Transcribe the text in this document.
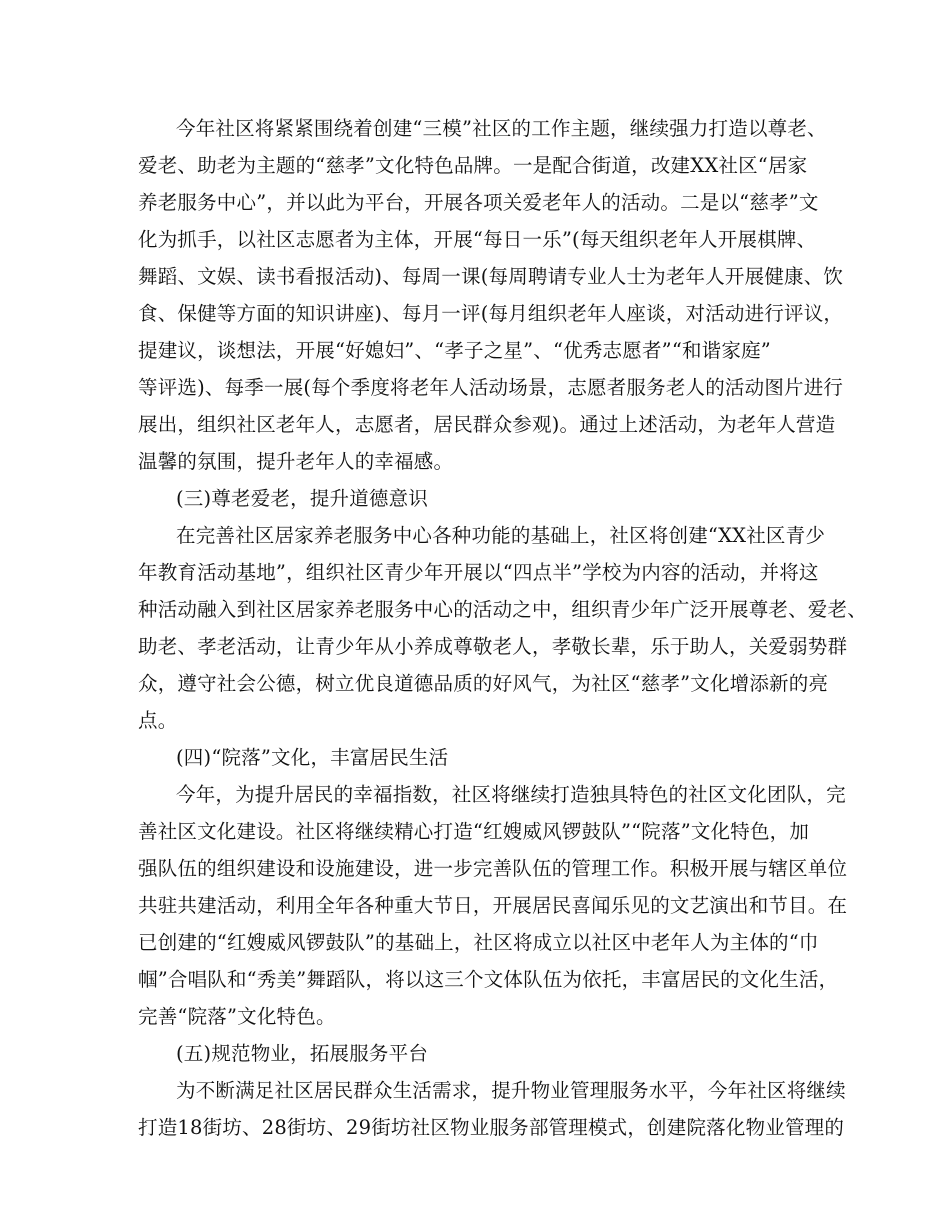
今年社区将紧紧围绕着创建“三模”社区的工作主题，继续强力打造以尊老、
爱老、助老为主题的“慈孝”文化特色品牌。一是配合街道，改建XX社区“居家
养老服务中心”，并以此为平台，开展各项关爱老年人的活动。二是以“慈孝”文
化为抓手，以社区志愿者为主体，开展“每日一乐”(每天组织老年人开展棋牌、
舞蹈、文娱、读书看报活动)、每周一课(每周聘请专业人士为老年人开展健康、饮
食、保健等方面的知识讲座)、每月一评(每月组织老年人座谈，对活动进行评议，
提建议，谈想法，开展“好媳妇”、“孝子之星”、“优秀志愿者”“和谐家庭”
等评选)、每季一展(每个季度将老年人活动场景，志愿者服务老人的活动图片进行
展出，组织社区老年人，志愿者，居民群众参观)。通过上述活动，为老年人营造
温馨的氛围，提升老年人的幸福感。
(三)尊老爱老，提升道德意识
在完善社区居家养老服务中心各种功能的基础上，社区将创建“XX社区青少
年教育活动基地”，组织社区青少年开展以“四点半”学校为内容的活动，并将这
种活动融入到社区居家养老服务中心的活动之中，组织青少年广泛开展尊老、爱老、
助老、孝老活动，让青少年从小养成尊敬老人，孝敬长辈，乐于助人，关爱弱势群
众，遵守社会公德，树立优良道德品质的好风气，为社区“慈孝”文化增添新的亮
点。
(四)“院落”文化，丰富居民生活
今年，为提升居民的幸福指数，社区将继续打造独具特色的社区文化团队，完
善社区文化建设。社区将继续精心打造“红嫂威风锣鼓队”“院落”文化特色，加
强队伍的组织建设和设施建设，进一步完善队伍的管理工作。积极开展与辖区单位
共驻共建活动，利用全年各种重大节日，开展居民喜闻乐见的文艺演出和节目。在
已创建的“红嫂威风锣鼓队”的基础上，社区将成立以社区中老年人为主体的“巾
帼”合唱队和“秀美”舞蹈队，将以这三个文体队伍为依托，丰富居民的文化生活，
完善“院落”文化特色。
(五)规范物业，拓展服务平台
为不断满足社区居民群众生活需求，提升物业管理服务水平，今年社区将继续
打造18街坊、28街坊、29街坊社区物业服务部管理模式，创建院落化物业管理的
